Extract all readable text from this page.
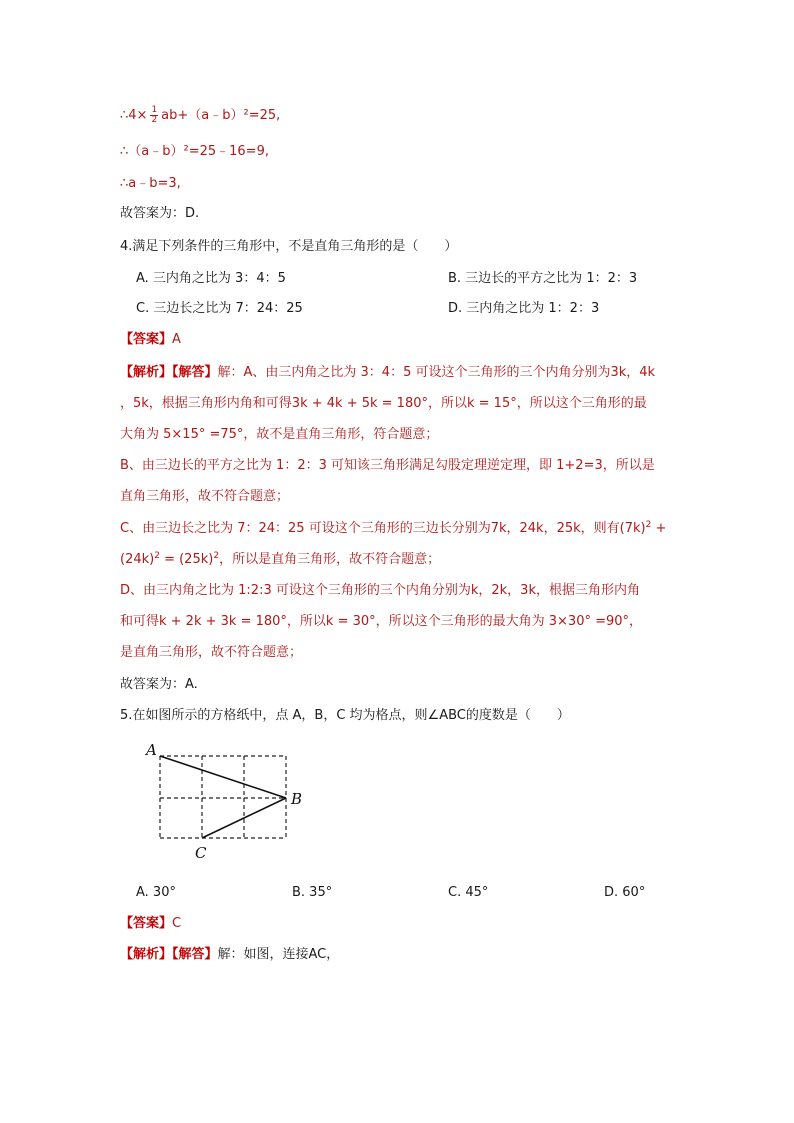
∴4× $\frac{1}{2}$ ab+（a﹣b）²=25,
∴（a﹣b）²=25﹣16=9,
∴a﹣b=3,
故答案为：D.
4.满足下列条件的三角形中，不是直角三角形的是（　　）
A. 三内角之比为 3：4：5	B. 三边长的平方之比为 1：2：3
C. 三边长之比为 7：24：25	D. 三内角之比为 1：2：3
【答案】A
【解析】【解答】解：A、由三内角之比为 3：4：5 可设这个三角形的三个内角分别为3k，4k
，5k，根据三角形内角和可得3k + 4k + 5k = 180°，所以k = 15°，所以这个三角形的最
大角为 5×15° =75°，故不是直角三角形，符合题意；
B、由三边长的平方之比为 1：2：3 可知该三角形满足勾股定理逆定理，即 1+2=3，所以是
直角三角形，故不符合题意；
C、由三边长之比为 7：24：25 可设这个三角形的三边长分别为7k，24k，25k，则有$(7k)^2$ +
$(24k)^2 = (25k)^2$，所以是直角三角形，故不符合题意；
D、由三内角之比为 1:2:3 可设这个三角形的三个内角分别为k，2k，3k，根据三角形内角
和可得k + 2k + 3k = 180°，所以k = 30°，所以这个三角形的最大角为 3×30° =90°，
是直角三角形，故不符合题意；
故答案为：A.
5.在如图所示的方格纸中，点 A，B，C 均为格点，则∠ABC的度数是（　　）
A
B
C
A. 30°	B. 35°	C. 45°	D. 60°
【答案】C
【解析】【解答】解：如图，连接AC，
